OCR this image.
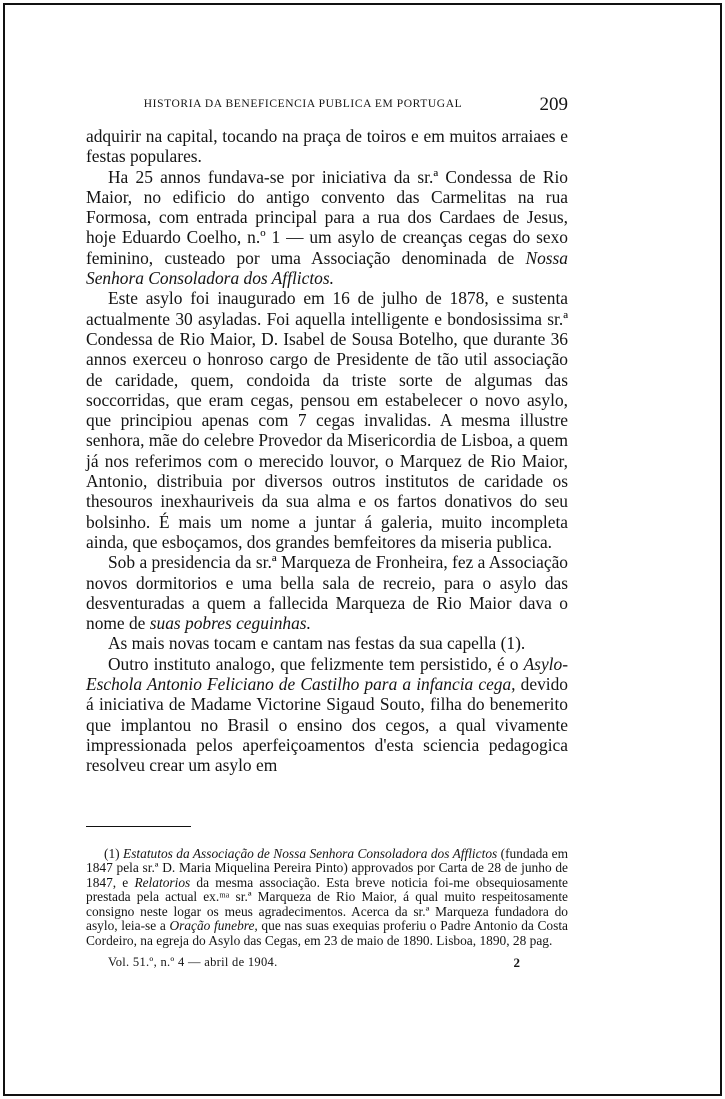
HISTORIA DA BENEFICENCIA PUBLICA EM PORTUGAL	209

adquirir na capital, tocando na praça de toiros e em muitos arraiaes e festas populares.

Ha 25 annos fundava-se por iniciativa da sr.ª Condessa de Rio Maior, no edificio do antigo convento das Carmelitas na rua Formosa, com entrada principal para a rua dos Cardaes de Jesus, hoje Eduardo Coelho, n.º 1 — um asylo de creanças cegas do sexo feminino, custeado por uma Associação denominada de Nossa Senhora Consoladora dos Afflictos.

Este asylo foi inaugurado em 16 de julho de 1878, e sustenta actualmente 30 asyladas. Foi aquella intelligente e bondosissima sr.ª Condessa de Rio Maior, D. Isabel de Sousa Botelho, que durante 36 annos exerceu o honroso cargo de Presidente de tão util associação de caridade, quem, condoida da triste sorte de algumas das soccorridas, que eram cegas, pensou em estabelecer o novo asylo, que principiou apenas com 7 cegas invalidas. A mesma illustre senhora, mãe do celebre Provedor da Misericordia de Lisboa, a quem já nos referimos com o merecido louvor, o Marquez de Rio Maior, Antonio, distribuia por diversos outros institutos de caridade os thesouros inexhauriveis da sua alma e os fartos donativos do seu bolsinho. É mais um nome a juntar á galeria, muito incompleta ainda, que esboçamos, dos grandes bemfeitores da miseria publica.

Sob a presidencia da sr.ª Marqueza de Fronheira, fez a Associação novos dormitorios e uma bella sala de recreio, para o asylo das desventuradas a quem a fallecida Marqueza de Rio Maior dava o nome de suas pobres ceguinhas.

As mais novas tocam e cantam nas festas da sua capella (1).

Outro instituto analogo, que felizmente tem persistido, é o Asylo-Eschola Antonio Feliciano de Castilho para a infancia cega, devido á iniciativa de Madame Victorine Sigaud Souto, filha do benemerito que implantou no Brasil o ensino dos cegos, a qual vivamente impressionada pelos aperfeiçoamentos d'esta sciencia pedagogica resolveu crear um asylo em

(1) Estatutos da Associação de Nossa Senhora Consoladora dos Afflictos (fundada em 1847 pela sr.ª D. Maria Miquelina Pereira Pinto) approvados por Carta de 28 de junho de 1847, e Relatorios da mesma associação. Esta breve noticia foi-me obsequiosamente prestada pela actual ex.ᵐᵃ sr.ª Marqueza de Rio Maior, á qual muito respeitosamente consigno neste logar os meus agradecimentos. Acerca da sr.ª Marqueza fundadora do asylo, leia-se a Oração funebre, que nas suas exequias proferiu o Padre Antonio da Costa Cordeiro, na egreja do Asylo das Cegas, em 23 de maio de 1890. Lisboa, 1890, 28 pag.
Vol. 51.º, n.º 4 — abril de 1904.	2
